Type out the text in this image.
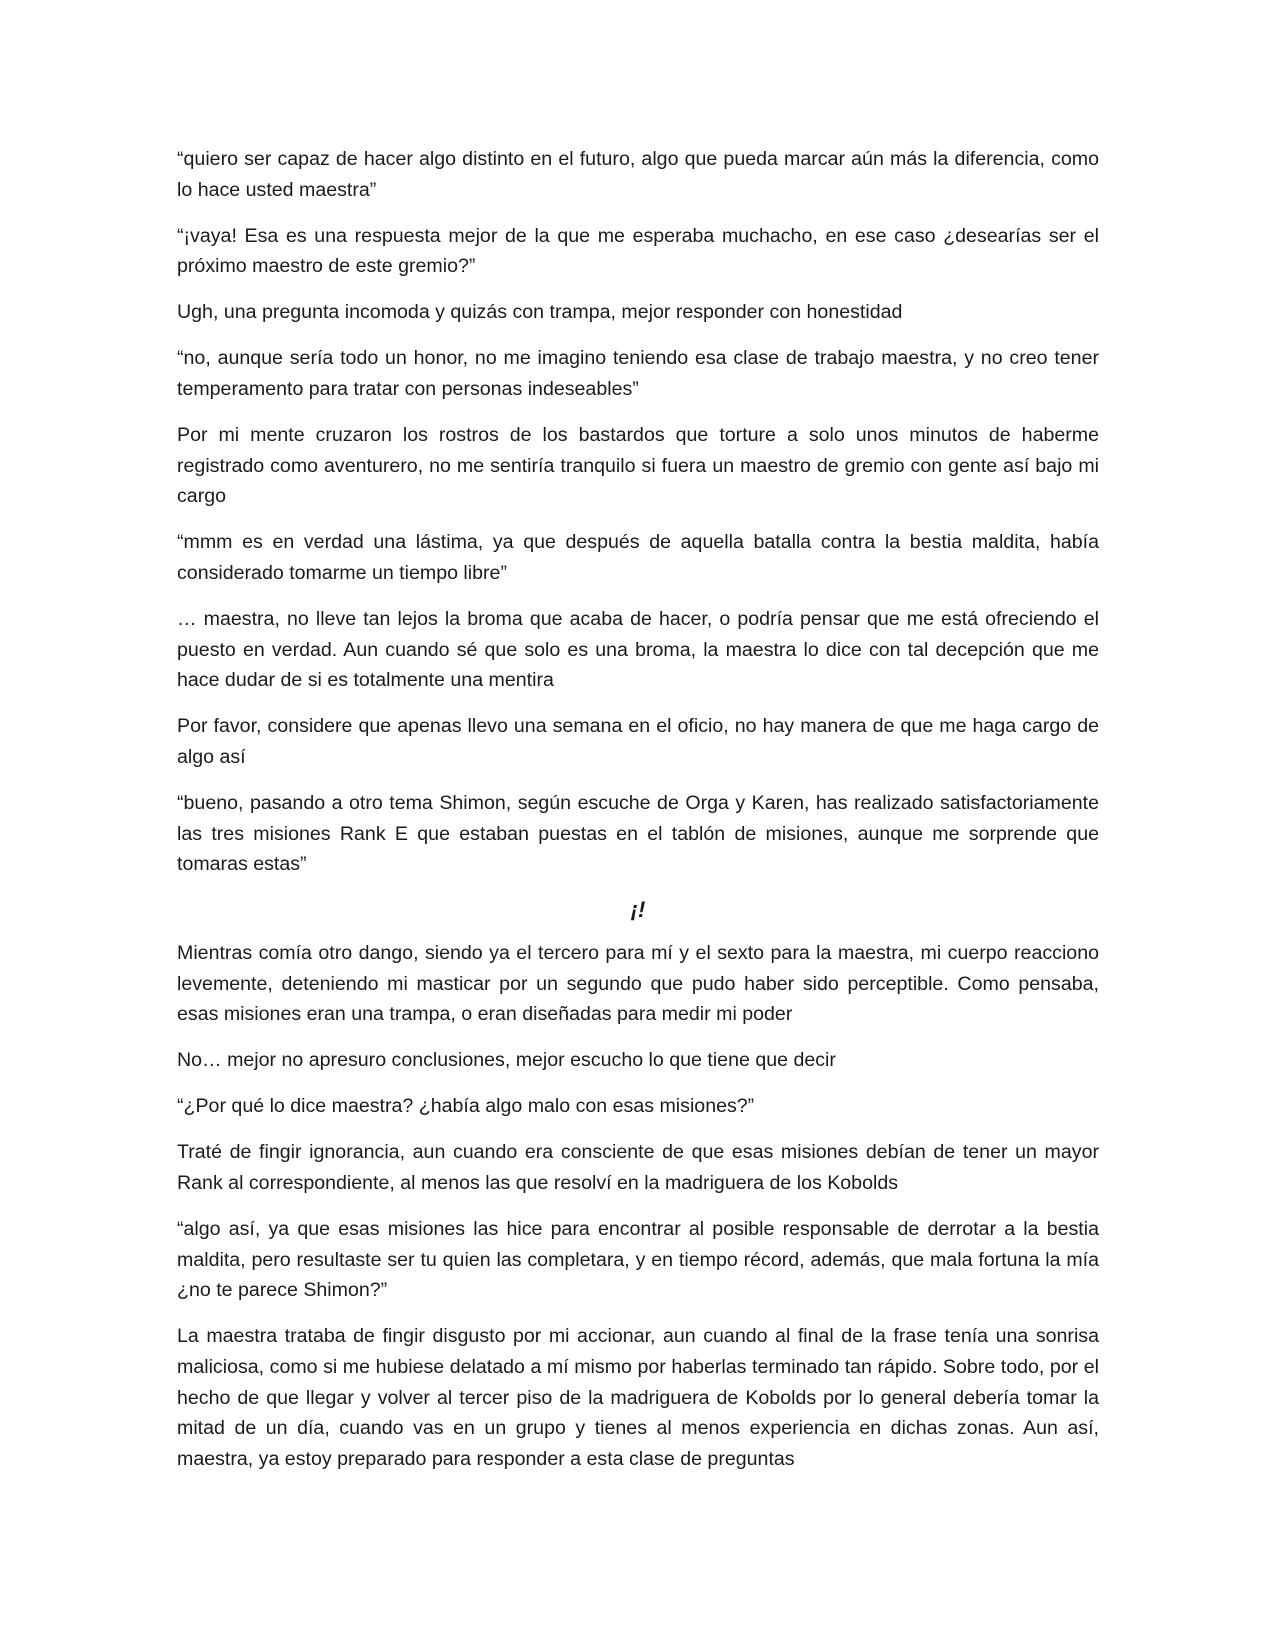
“quiero ser capaz de hacer algo distinto en el futuro, algo que pueda marcar aún más la diferencia, como lo hace usted maestra”

“¡vaya! Esa es una respuesta mejor de la que me esperaba muchacho, en ese caso ¿desearías ser el próximo maestro de este gremio?”

Ugh, una pregunta incomoda y quizás con trampa, mejor responder con honestidad

“no, aunque sería todo un honor, no me imagino teniendo esa clase de trabajo maestra, y no creo tener temperamento para tratar con personas indeseables”

Por mi mente cruzaron los rostros de los bastardos que torture a solo unos minutos de haberme registrado como aventurero, no me sentiría tranquilo si fuera un maestro de gremio con gente así bajo mi cargo

“mmm es en verdad una lástima, ya que después de aquella batalla contra la bestia maldita, había considerado tomarme un tiempo libre”

… maestra, no lleve tan lejos la broma que acaba de hacer, o podría pensar que me está ofreciendo el puesto en verdad. Aun cuando sé que solo es una broma, la maestra lo dice con tal decepción que me hace dudar de si es totalmente una mentira

Por favor, considere que apenas llevo una semana en el oficio, no hay manera de que me haga cargo de algo así

“bueno, pasando a otro tema Shimon, según escuche de Orga y Karen, has realizado satisfactoriamente las tres misiones Rank E que estaban puestas en el tablón de misiones, aunque me sorprende que tomaras estas”

¡!

Mientras comía otro dango, siendo ya el tercero para mí y el sexto para la maestra, mi cuerpo reacciono levemente, deteniendo mi masticar por un segundo que pudo haber sido perceptible. Como pensaba, esas misiones eran una trampa, o eran diseñadas para medir mi poder

No… mejor no apresuro conclusiones, mejor escucho lo que tiene que decir

“¿Por qué lo dice maestra? ¿había algo malo con esas misiones?”

Traté de fingir ignorancia, aun cuando era consciente de que esas misiones debían de tener un mayor Rank al correspondiente, al menos las que resolví en la madriguera de los Kobolds

“algo así, ya que esas misiones las hice para encontrar al posible responsable de derrotar a la bestia maldita, pero resultaste ser tu quien las completara, y en tiempo récord, además, que mala fortuna la mía ¿no te parece Shimon?”

La maestra trataba de fingir disgusto por mi accionar, aun cuando al final de la frase tenía una sonrisa maliciosa, como si me hubiese delatado a mí mismo por haberlas terminado tan rápido. Sobre todo, por el hecho de que llegar y volver al tercer piso de la madriguera de Kobolds por lo general debería tomar la mitad de un día, cuando vas en un grupo y tienes al menos experiencia en dichas zonas. Aun así, maestra, ya estoy preparado para responder a esta clase de preguntas
